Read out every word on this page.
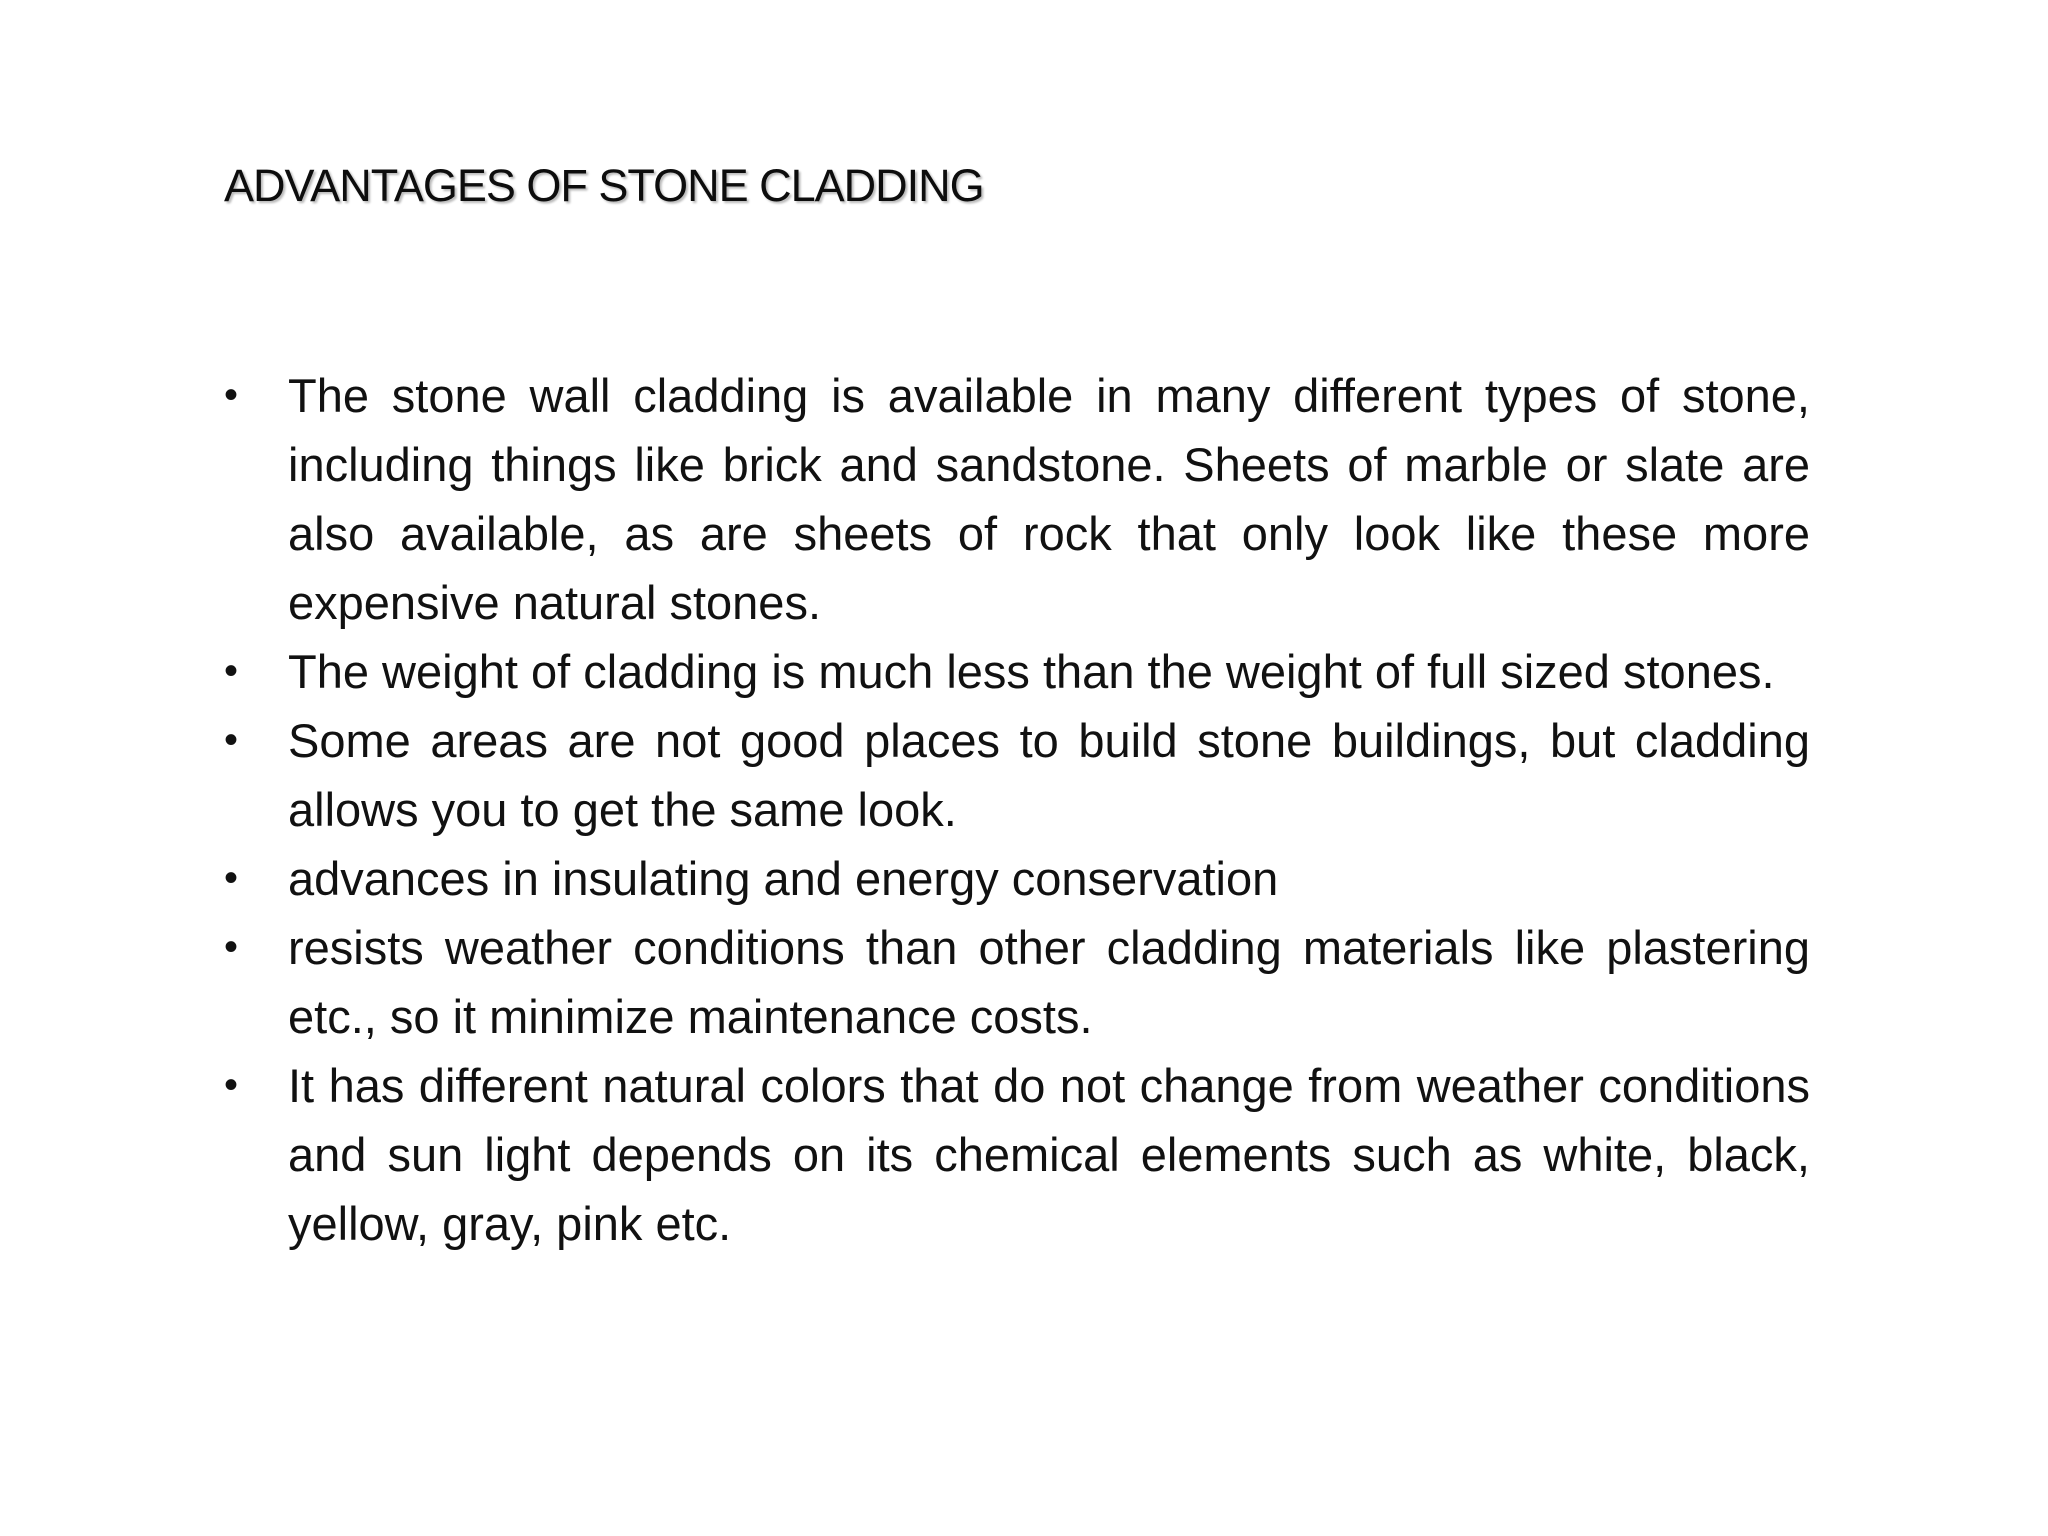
ADVANTAGES OF STONE CLADDING
•	The stone wall cladding is available in many different types of stone, including things like brick and sandstone. Sheets of marble or slate are also available, as are sheets of rock that only look like these more expensive natural stones.
•	The weight of cladding is much less than the weight of full sized stones.
•	Some areas are not good places to build stone buildings, but cladding allows you to get the same look.
•	advances in insulating and energy conservation
•	resists weather conditions than other cladding materials like plastering etc., so it minimize maintenance costs.
•	It has different natural colors that do not change from weather conditions and sun light depends on its chemical elements such as white, black, yellow, gray, pink etc.
